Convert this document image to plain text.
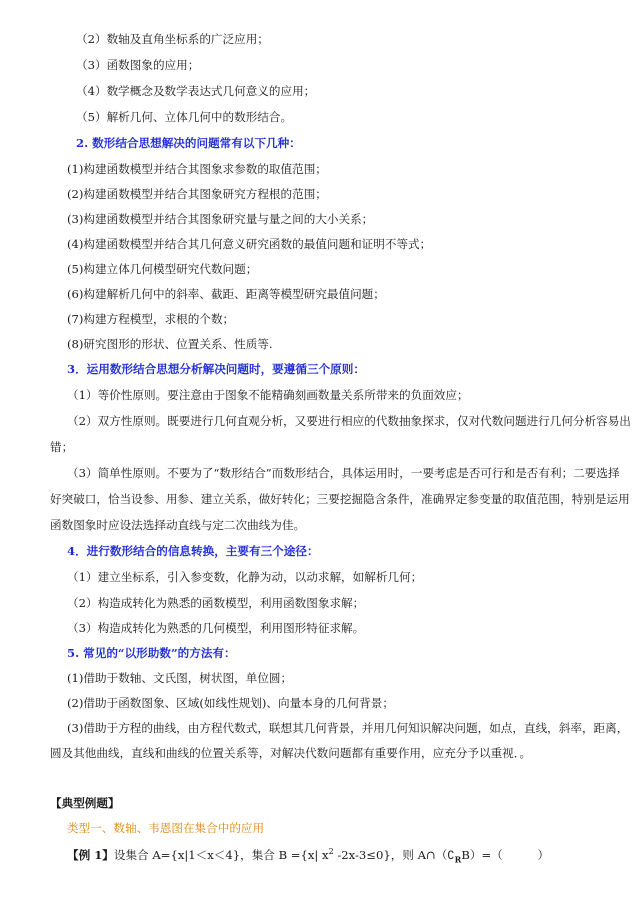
（2）数轴及直角坐标系的广泛应用；
（3）函数图象的应用；
（4）数学概念及数学表达式几何意义的应用；
（5）解析几何、立体几何中的数形结合。
2. 数形结合思想解决的问题常有以下几种：
(1)构建函数模型并结合其图象求参数的取值范围；
(2)构建函数模型并结合其图象研究方程根的范围；
(3)构建函数模型并结合其图象研究量与量之间的大小关系；
(4)构建函数模型并结合其几何意义研究函数的最值问题和证明不等式；
(5)构建立体几何模型研究代数问题；
(6)构建解析几何中的斜率、截距、距离等模型研究最值问题；
(7)构建方程模型，求根的个数；
(8)研究图形的形状、位置关系、性质等.
3．运用数形结合思想分析解决问题时，要遵循三个原则：
（1）等价性原则。要注意由于图象不能精确刻画数量关系所带来的负面效应；
（2）双方性原则。既要进行几何直观分析，又要进行相应的代数抽象探求，仅对代数问题进行几何分析容易出
错；
（3）简单性原则。不要为了“数形结合”而数形结合，具体运用时，一要考虑是否可行和是否有利；二要选择
好突破口，恰当设参、用参、建立关系，做好转化；三要挖掘隐含条件，准确界定参变量的取值范围，特别是运用
函数图象时应设法选择动直线与定二次曲线为佳。
4．进行数形结合的信息转换，主要有三个途径：
（1）建立坐标系，引入参变数，化静为动，以动求解，如解析几何；
（2）构造成转化为熟悉的函数模型，利用函数图象求解；
（3）构造成转化为熟悉的几何模型，利用图形特征求解。
5. 常见的“以形助数”的方法有：
(1)借助于数轴、文氏图，树状图，单位圆；
(2)借助于函数图象、区域(如线性规划)、向量本身的几何背景；
(3)借助于方程的曲线，由方程代数式，联想其几何背景，并用几何知识解决问题，如点，直线，斜率，距离，
圆及其他曲线，直线和曲线的位置关系等，对解决代数问题都有重要作用，应充分予以重视．。
【典型例题】
类型一、数轴、韦恩图在集合中的应用
【例 1】设集合 A={x|1＜x＜4}，集合 B ={x| $x^2$ -2x-3≤0}，则 $A\cap(∁_RB)=$（　　　）
